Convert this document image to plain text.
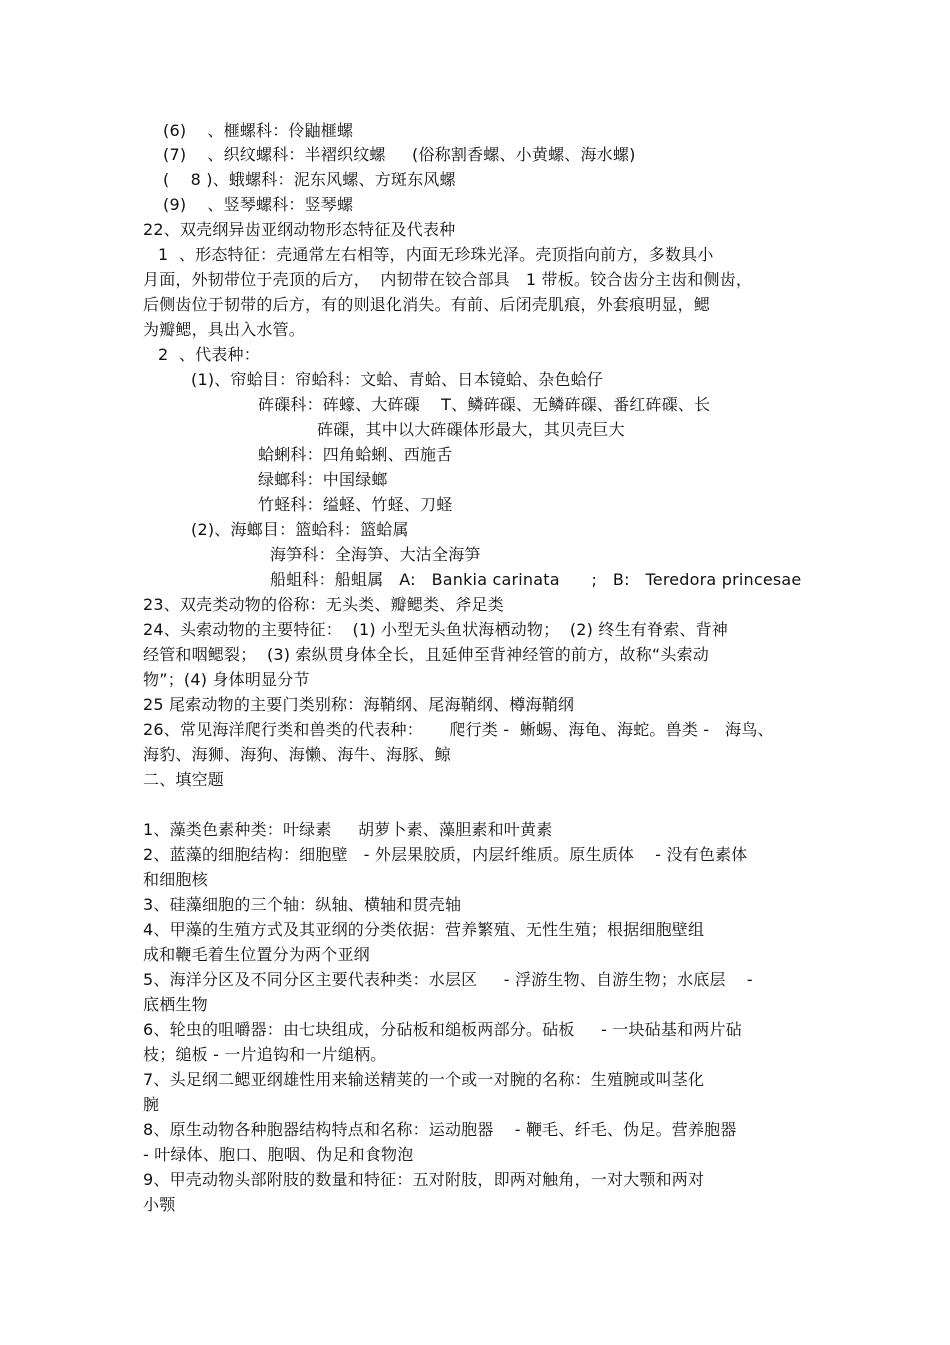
(6)    、榧螺科：伶鼬榧螺
(7)    、织纹螺科：半褶织纹螺     (俗称割香螺、小黄螺、海水螺)
(    8 )、蛾螺科：泥东风螺、方斑东风螺
(9)    、竖琴螺科：竖琴螺
22、双壳纲异齿亚纲动物形态特征及代表种
1  、形态特征：壳通常左右相等，内面无珍珠光泽。壳顶指向前方，多数具小
月面，外韧带位于壳顶的后方，  内韧带在铰合部具   1 带板。铰合齿分主齿和侧齿，
后侧齿位于韧带的后方，有的则退化消失。有前、后闭壳肌痕，外套痕明显，鳃
为瓣鳃，具出入水管。
2  、代表种：
(1)、帘蛤目：帘蛤科：文蛤、青蛤、日本镜蛤、杂色蛤仔
砗磲科：砗蠔、大砗磲    T、鳞砗磲、无鳞砗磲、番红砗磲、长
砗磲，其中以大砗磲体形最大，其贝壳巨大
蛤蜊科：四角蛤蜊、西施舌
绿螂科：中国绿螂
竹蛏科：缢蛏、竹蛏、刀蛏
(2)、海螂目：篮蛤科：篮蛤属
海笋科：全海笋、大沽全海笋
船蛆科：船蛆属   A:   Bankia carinata      ;   B:   Teredora princesae
23、双壳类动物的俗称：无头类、瓣鳃类、斧足类
24、头索动物的主要特征：  (1) 小型无头鱼状海栖动物；  (2) 终生有脊索、背神
经管和咽鳃裂；  (3) 索纵贯身体全长，且延伸至背神经管的前方，故称“头索动
物”；(4) 身体明显分节
25 尾索动物的主要门类别称：海鞘纲、尾海鞘纲、樽海鞘纲
26、常见海洋爬行类和兽类的代表种：     爬行类 -  蜥蜴、海龟、海蛇。兽类 -   海鸟、
海豹、海狮、海狗、海懒、海牛、海豚、鲸
二、填空题
1、藻类色素种类：叶绿素     胡萝卜素、藻胆素和叶黄素
2、蓝藻的细胞结构：细胞壁   - 外层果胶质，内层纤维质。原生质体    - 没有色素体
和细胞核
3、硅藻细胞的三个轴：纵轴、横轴和贯壳轴
4、甲藻的生殖方式及其亚纲的分类依据：营养繁殖、无性生殖；根据细胞壁组
成和鞭毛着生位置分为两个亚纲
5、海洋分区及不同分区主要代表种类：水层区     - 浮游生物、自游生物；水底层    -
底栖生物
6、轮虫的咀嚼器：由七块组成，分砧板和缒板两部分。砧板     - 一块砧基和两片砧
枝；缒板 - 一片追钩和一片缒柄。
7、头足纲二鳃亚纲雄性用来输送精荚的一个或一对腕的名称：生殖腕或叫茎化
腕
8、原生动物各种胞器结构特点和名称：运动胞器    - 鞭毛、纤毛、伪足。营养胞器
- 叶绿体、胞口、胞咽、伪足和食物泡
9、甲壳动物头部附肢的数量和特征：五对附肢，即两对触角，一对大颚和两对
小颚
